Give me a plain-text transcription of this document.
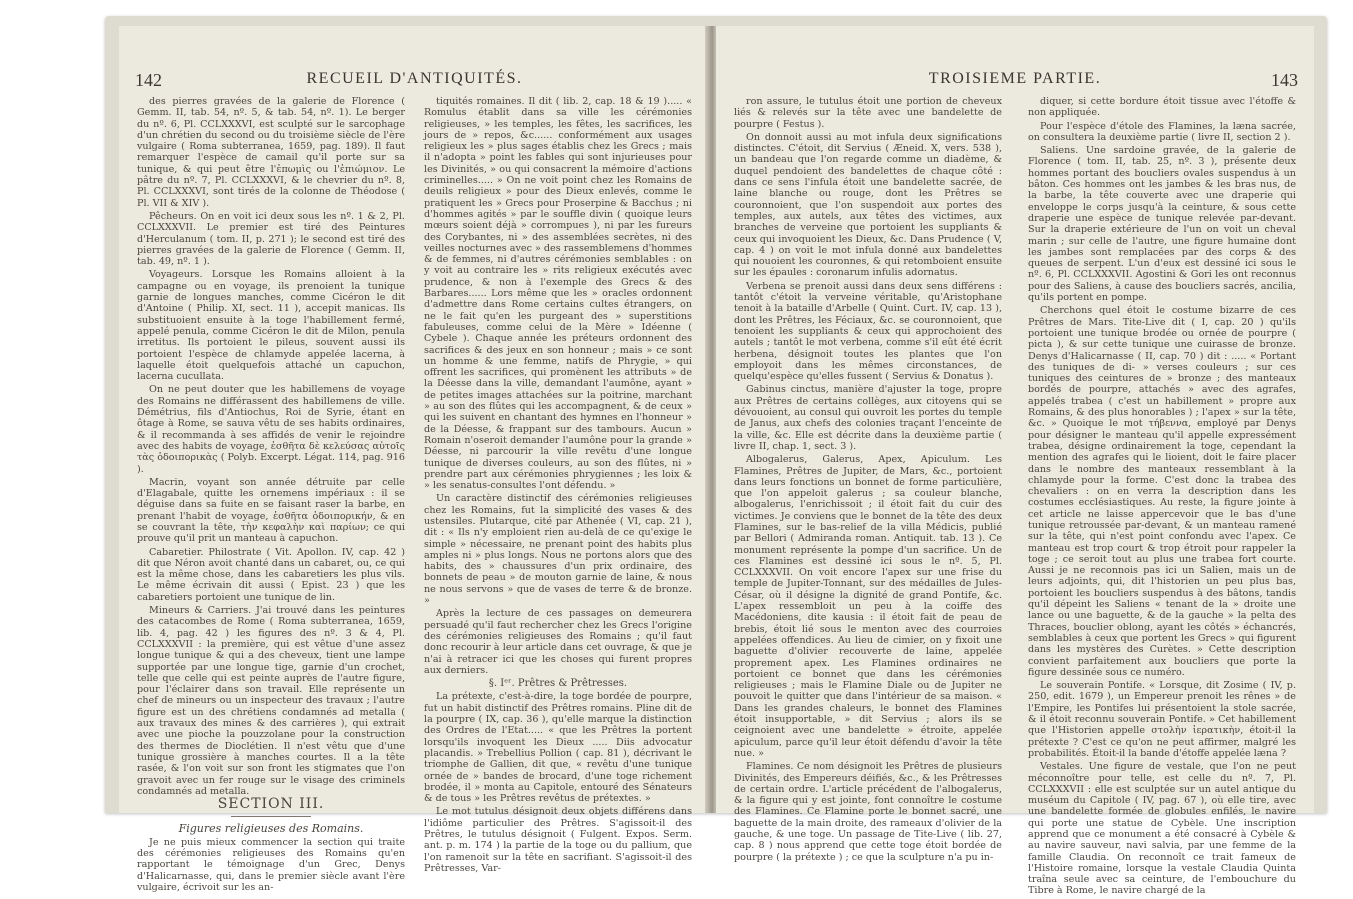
142	RECUEIL D'ANTIQUITÉS.

des pierres gravées de la galerie de Florence ( Gemm. II, tab. 54, nº. 5, & tab. 54, nº. 1). Le berger du nº. 6, Pl. CCLXXXVI, est sculpté sur le sarcophage d'un chrétien du second ou du troisième siècle de l'ère vulgaire ( Roma subterranea, 1659, pag. 189). Il faut remarquer l'espèce de camail qu'il porte sur sa tunique, & qui peut être l'ἐπωμὶς ou l'ἐπιώμιον. Le pâtre du nº. 7, Pl. CCLXXXVI, & le chevrier du nº. 8, Pl. CCLXXXVI, sont tirés de la colonne de Théodose ( Pl. VII & XIV ).

Pêcheurs. On en voit ici deux sous les nº. 1 & 2, Pl. CCLXXXVII. Le premier est tiré des Peintures d'Herculanum ( tom. II, p. 271 ); le second est tiré des pierres gravées de la galerie de Florence ( Gemm. II, tab. 49, nº. 1 ).

Voyageurs. Lorsque les Romains alloient à la campagne ou en voyage, ils prenoient la tunique garnie de longues manches, comme Cicéron le dit d'Antoine ( Philip. XI, sect. 11 ), accepit manicas. Ils substituoient ensuite à la toge l'habillement fermé, appelé penula, comme Cicéron le dit de Milon, penula irretitus. Ils portoient le pileus, souvent aussi ils portoient l'espèce de chlamyde appelée lacerna, à laquelle étoit quelquefois attaché un capuchon, lacerna cucullata.

On ne peut douter que les habillemens de voyage des Romains ne différassent des habillemens de ville. Démétrius, fils d'Antiochus, Roi de Syrie, étant en ôtage à Rome, se sauva vêtu de ses habits ordinaires, & il recommanda à ses affidés de venir le rejoindre avec des habits de voyage, ἐσθῆτα δὲ κελεύσας αὐτοῖς τὰς ὁδοιπορικὰς ( Polyb. Excerpt. Légat. 114, pag. 916 ).

Macrin, voyant son année détruite par celle d'Elagabale, quitte les ornemens impériaux : il se déguise dans sa fuite en se faisant raser la barbe, en prenant l'habit de voyage, ἐσθῆτα ὁδοιπορικήν, & en se couvrant la tête, τὴν κεφαλὴν καὶ παρίων; ce qui prouve qu'il prit un manteau à capuchon.

Cabaretier. Philostrate ( Vit. Apollon. IV, cap. 42 ) dit que Néron avoit chanté dans un cabaret, ou, ce qui est la même chose, dans les cabaretiers les plus vils. Le même écrivain dit aussi ( Epist. 23 ) que les cabaretiers portoient une tunique de lin.

Mineurs & Carriers. J'ai trouvé dans les peintures des catacombes de Rome ( Roma subterranea, 1659, lib. 4, pag. 42 ) les figures des nº. 3 & 4, Pl. CCLXXXVII : la première, qui est vêtue d'une assez longue tunique & qui a des cheveux, tient une lampe supportée par une longue tige, garnie d'un crochet, telle que celle qui est peinte auprès de l'autre figure, pour l'éclairer dans son travail. Elle représente un chef de mineurs ou un inspecteur des travaux ; l'autre figure est un des chrétiens condamnés ad metalla ( aux travaux des mines & des carrières ), qui extrait avec une pioche la pouzzolane pour la construction des thermes de Dioclétien. Il n'est vêtu que d'une tunique grossière à manches courtes. Il a la tête rasée, & l'on voit sur son front les stigmates que l'on gravoit avec un fer rouge sur le visage des criminels condamnés ad metalla.

SECTION III.

Figures religieuses des Romains.

Je ne puis mieux commencer la section qui traite des cérémonies religieuses des Romains qu'en rapportant le témoignage d'un Grec, Denys d'Halicarnasse, qui, dans le premier siècle avant l'ère vulgaire, écrivoit sur les an-

tiquités romaines. Il dit ( lib. 2, cap. 18 & 19 )..... « Romulus établit dans sa ville les cérémonies religieuses, » les temples, les fêtes, les sacrifices, les jours de » repos, &c...... conformément aux usages religieux les » plus sages établis chez les Grecs ; mais il n'adopta » point les fables qui sont injurieuses pour les Divinités, » ou qui consacrent la mémoire d'actions criminelles..... » On ne voit point chez les Romains de deuils religieux » pour des Dieux enlevés, comme le pratiquent les » Grecs pour Proserpine & Bacchus ; ni d'hommes agités » par le souffle divin ( quoique leurs mœurs soient déjà » corrompues ), ni par les fureurs des Corybantes, ni » des assemblées secrètes, ni des veilles nocturnes avec » des rassemblemens d'hommes & de femmes, ni d'autres cérémonies semblables : on y voit au contraire les » rits religieux exécutés avec prudence, & non à l'exemple des Grecs & des Barbares...... Lors même que les » oracles ordonnent d'admettre dans Rome certains cultes étrangers, on ne le fait qu'en les purgeant des » superstitions fabuleuses, comme celui de la Mère » Idéenne ( Cybele ). Chaque année les préteurs ordonnent des sacrifices & des jeux en son honneur ; mais » ce sont un homme & une femme, natifs de Phrygie, » qui offrent les sacrifices, qui promènent les attributs » de la Déesse dans la ville, demandant l'aumône, ayant » de petites images attachées sur la poitrine, marchant » au son des flûtes qui les accompagnent, & de ceux » qui les suivent en chantant des hymnes en l'honneur » de la Déesse, & frappant sur des tambours. Aucun » Romain n'oseroit demander l'aumône pour la grande » Déesse, ni parcourir la ville revêtu d'une longue tunique de diverses couleurs, au son des flûtes, ni » prendre part aux cérémonies phrygiennes ; les loix & » les senatus-consultes l'ont défendu. »

Un caractère distinctif des cérémonies religieuses chez les Romains, fut la simplicité des vases & des ustensiles. Plutarque, cité par Athenée ( VI, cap. 21 ), dit : « Ils n'y emploient rien au-delà de ce qu'exige le simple » nécessaire, ne prenant point des habits plus amples ni » plus longs. Nous ne portons alors que des habits, des » chaussures d'un prix ordinaire, des bonnets de peau » de mouton garnie de laine, & nous ne nous servons » que de vases de terre & de bronze. »

Après la lecture de ces passages on demeurera persuadé qu'il faut rechercher chez les Grecs l'origine des cérémonies religieuses des Romains ; qu'il faut donc recourir à leur article dans cet ouvrage, & que je n'ai à retracer ici que les choses qui furent propres aux derniers.

§. Iᵉʳ. Prêtres & Prêtresses.

La prétexte, c'est-à-dire, la toge bordée de pourpre, fut un habit distinctif des Prêtres romains. Pline dit de la pourpre ( IX, cap. 36 ), qu'elle marque la distinction des Ordres de l'Etat..... « que les Prêtres la portent lorsqu'ils invoquent les Dieux ..... Diis advocatur placandis. » Trebellius Pollion ( cap. 81 ), décrivant le triomphe de Gallien, dit que, « revêtu d'une tunique ornée de » bandes de brocard, d'une toge richement brodée, il » monta au Capitole, entouré des Sénateurs & de tous » les Prêtres revêtus de prétextes. »

Le mot tutulus désignoit deux objets différens dans l'idiôme particulier des Prêtres. S'agissoit-il des Prêtres, le tutulus désignoit ( Fulgent. Expos. Serm. ant. p. m. 174 ) la partie de la toge ou du pallium, que l'on ramenoit sur la tête en sacrifiant. S'agissoit-il des Prêtresses, Var-

TROISIEME PARTIE.	143

ron assure, le tutulus étoit une portion de cheveux liés & relevés sur la tête avec une bandelette de pourpre ( Festus ).

On donnoit aussi au mot infula deux significations distinctes. C'étoit, dit Servius ( Æneid. X, vers. 538 ), un bandeau que l'on regarde comme un diadème, & duquel pendoient des bandelettes de chaque côté : dans ce sens l'infula étoit une bandelette sacrée, de laine blanche ou rouge, dont les Prêtres se couronnoient, que l'on suspendoit aux portes des temples, aux autels, aux têtes des victimes, aux branches de verveine que portoient les suppliants & ceux qui invoquoient les Dieux, &c. Dans Prudence ( V, cap. 4 ) on voit le mot infula donné aux bandelettes qui nouoient les couronnes, & qui retomboient ensuite sur les épaules : coronarum infulis adornatus.

Verbena se prenoit aussi dans deux sens différens : tantôt c'étoit la verveine véritable, qu'Aristophane tenoit à la bataille d'Arbelle ( Quint. Curt. IV, cap. 13 ), dont les Prêtres, les Féciaux, &c. se couronnoient, que tenoient les suppliants & ceux qui approchoient des autels ; tantôt le mot verbena, comme s'il eût été écrit herbena, désignoit toutes les plantes que l'on employoit dans les mêmes circonstances, de quelqu'espèce qu'elles fussent ( Servius & Donatus ).

Gabinus cinctus, manière d'ajuster la toge, propre aux Prêtres de certains collèges, aux citoyens qui se dévouoient, au consul qui ouvroit les portes du temple de Janus, aux chefs des colonies traçant l'enceinte de la ville, &c. Elle est décrite dans la deuxième partie ( livre II, chap. 1, sect. 3 ).

Albogalerus, Galerus, Apex, Apiculum. Les Flamines, Prêtres de Jupiter, de Mars, &c., portoient dans leurs fonctions un bonnet de forme particulière, que l'on appeloit galerus ; sa couleur blanche, albogalerus, l'enrichissoit ; il étoit fait du cuir des victimes. Je conviens que le bonnet de la tête des deux Flamines, sur le bas-relief de la villa Médicis, publié par Bellori ( Admiranda roman. Antiquit. tab. 13 ). Ce monument représente la pompe d'un sacrifice. Un de ces Flamines est dessiné ici sous le nº. 5, Pl. CCLXXXVII. On voit encore l'apex sur une frise du temple de Jupiter-Tonnant, sur des médailles de Jules-César, où il désigne la dignité de grand Pontife, &c. L'apex ressembloit un peu à la coiffe des Macédoniens, dite kausia : il étoit fait de peau de brebis, étoit lié sous le menton avec des courroies appelées offendices. Au lieu de cimier, on y fixoit une baguette d'olivier recouverte de laine, appelée proprement apex. Les Flamines ordinaires ne portoient ce bonnet que dans les cérémonies religieuses ; mais le Flamine Diale ou de Jupiter ne pouvoit le quitter que dans l'intérieur de sa maison. « Dans les grandes chaleurs, le bonnet des Flamines étoit insupportable, » dit Servius ; alors ils se ceignoient avec une bandelette » étroite, appelée apiculum, parce qu'il leur étoit défendu d'avoir la tête nue. »

Flamines. Ce nom désignoit les Prêtres de plusieurs Divinités, des Empereurs déifiés, &c., & les Prêtresses de certain ordre. L'article précédent de l'albogalerus, & la figure qui y est jointe, font connoître le costume des Flamines. Ce Flamine porte le bonnet sacré, une baguette de la main droite, des rameaux d'olivier de la gauche, & une toge. Un passage de Tite-Live ( lib. 27, cap. 8 ) nous apprend que cette toge étoit bordée de pourpre ( la prétexte ) ; ce que la sculpture n'a pu in-

diquer, si cette bordure étoit tissue avec l'étoffe & non appliquée.

Pour l'espèce d'étole des Flamines, la læna sacrée, on consultera la deuxième partie ( livre II, section 2 ).

Saliens. Une sardoine gravée, de la galerie de Florence ( tom. II, tab. 25, nº. 3 ), présente deux hommes portant des boucliers ovales suspendus à un bâton. Ces hommes ont les jambes & les bras nus, de la barbe, la tête couverte avec une draperie qui enveloppe le corps jusqu'à la ceinture, & sous cette draperie une espèce de tunique relevée par-devant. Sur la draperie extérieure de l'un on voit un cheval marin ; sur celle de l'autre, une figure humaine dont les jambes sont remplacées par des corps & des queues de serpent. L'un d'eux est dessiné ici sous le nº. 6, Pl. CCLXXXVII. Agostini & Gori les ont reconnus pour des Saliens, à cause des boucliers sacrés, ancilia, qu'ils portent en pompe.

Cherchons quel étoit le costume bizarre de ces Prêtres de Mars. Tite-Live dit ( I, cap. 20 ) qu'ils portoient une tunique brodée ou ornée de pourpre ( picta ), & sur cette tunique une cuirasse de bronze. Denys d'Halicarnasse ( II, cap. 70 ) dit : ..... « Portant des tuniques de di- » verses couleurs ; sur ces tuniques des ceintures de » bronze ; des manteaux bordés de pourpre, attachés » avec des agrafes, appelés trabea ( c'est un habillement » propre aux Romains, & des plus honorables ) ; l'apex » sur la tête, &c. » Quoique le mot τήβεννα, employé par Denys pour désigner le manteau qu'il appelle expressément trabea, désigne ordinairement la toge, cependant la mention des agrafes qui le lioient, doit le faire placer dans le nombre des manteaux ressemblant à la chlamyde pour la forme. C'est donc la trabea des chevaliers : on en verra la description dans les costumes ecclésiastiques. Au reste, la figure jointe à cet article ne laisse appercevoir que le bas d'une tunique retroussée par-devant, & un manteau ramené sur la tête, qui n'est point confondu avec l'apex. Ce manteau est trop court & trop étroit pour rappeler la toge ; ce seroit tout au plus une trabea fort courte. Aussi je ne reconnois pas ici un Salien, mais un de leurs adjoints, qui, dit l'historien un peu plus bas, portoient les boucliers suspendus à des bâtons, tandis qu'il dépeint les Saliens « tenant de la » droite une lance ou une baguette, & de la gauche » la pelta des Thraces, bouclier oblong, ayant les côtés » échancrés, semblables à ceux que portent les Grecs » qui figurent dans les mystères des Curètes. » Cette description convient parfaitement aux boucliers que porte la figure dessinée sous ce numéro.

Le souverain Pontife. « Lorsque, dit Zosime ( IV, p. 250, edit. 1679 ), un Empereur prenoit les rênes » de l'Empire, les Pontifes lui présentoient la stole sacrée, & il étoit reconnu souverain Pontife. » Cet habillement que l'Historien appelle στολὴν ἱερατικὴν, étoit-il la prétexte ? C'est ce qu'on ne peut affirmer, malgré les probabilités. Étoit-il la bande d'étoffe appelée læna ?

Vestales. Une figure de vestale, que l'on ne peut méconnoître pour telle, est celle du nº. 7, Pl. CCLXXXVII : elle est sculptée sur un autel antique du muséum du Capitole ( IV, pag. 67 ), où elle tire, avec une bandelette formée de globules enfilés, le navire qui porte une statue de Cybèle. Une inscription apprend que ce monument a été consacré à Cybèle & au navire sauveur, navi salvia, par une femme de la famille Claudia. On reconnoît ce trait fameux de l'Histoire romaine, lorsque la vestale Claudia Quinta traîna seule avec sa ceinture, de l'embouchure du Tibre à Rome, le navire chargé de la
